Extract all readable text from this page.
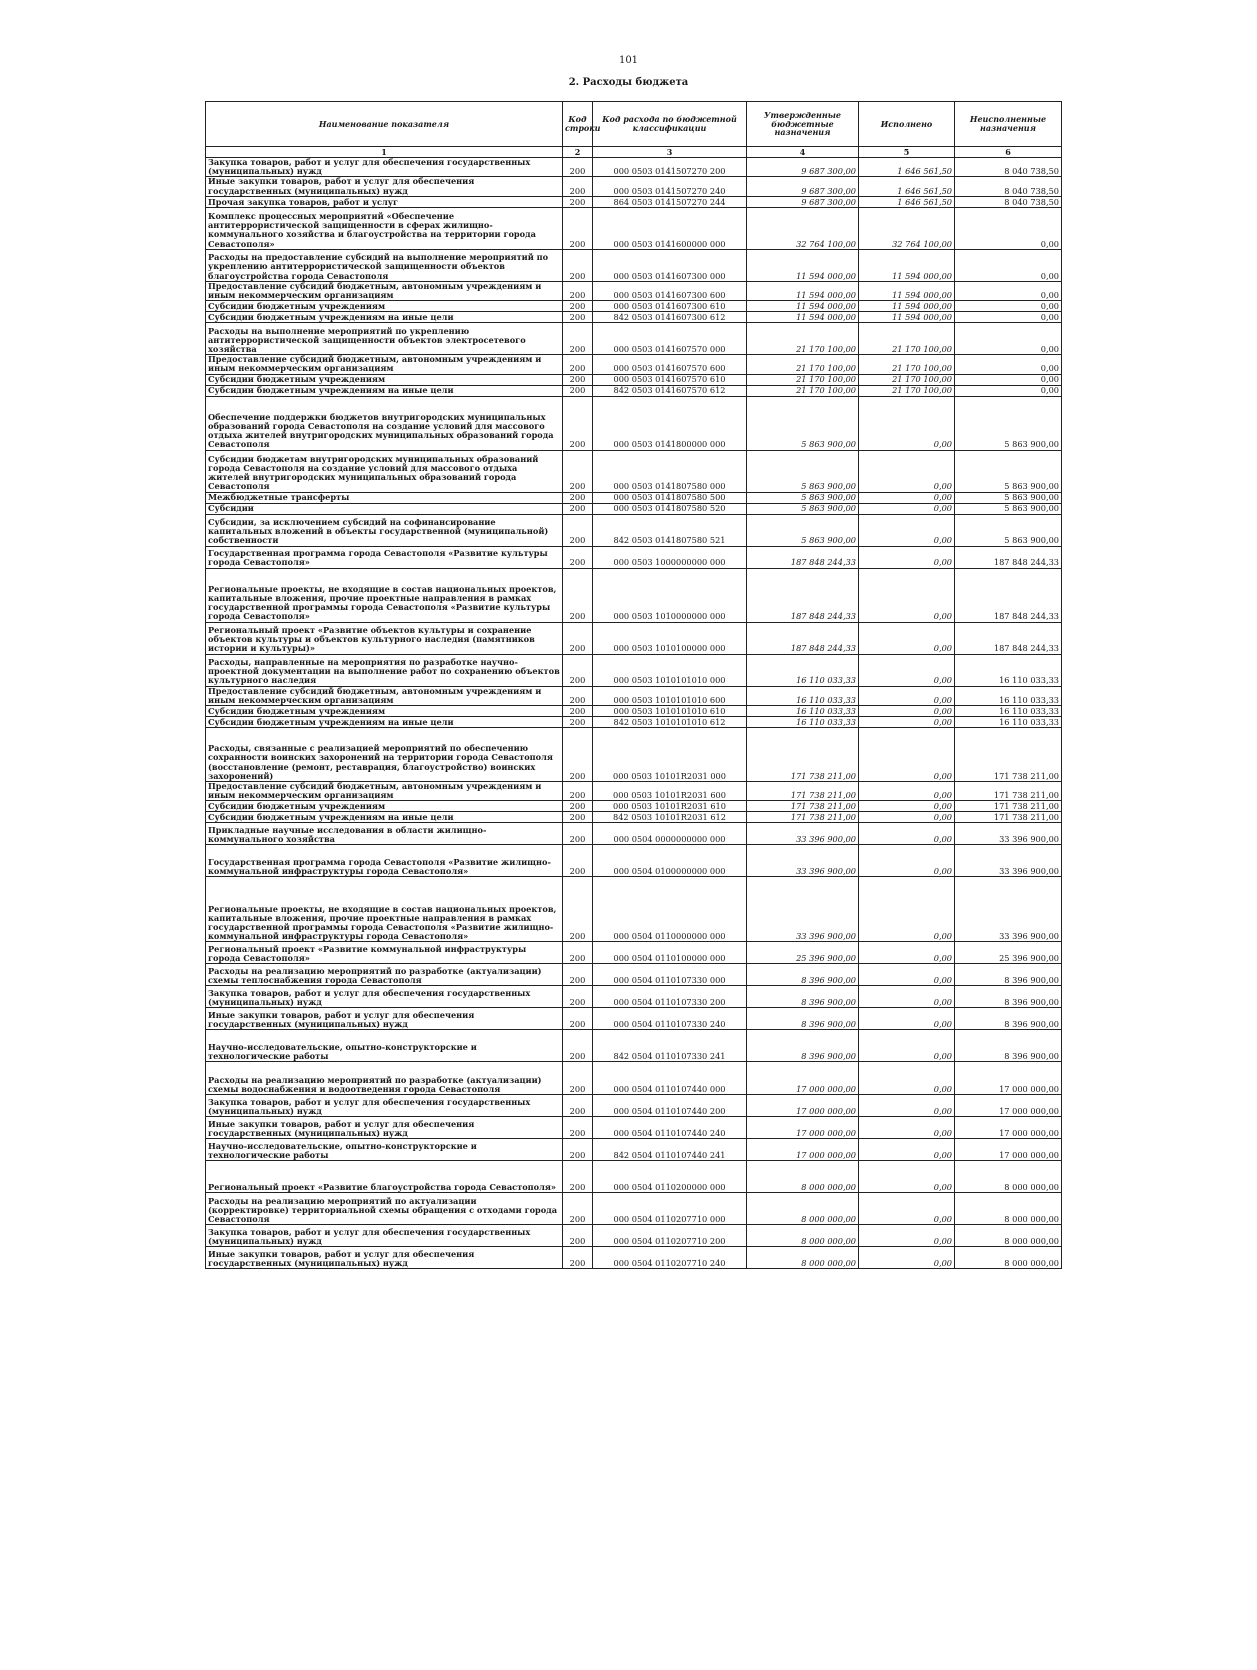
101
2. Расходы бюджета
Наименование показателя	Код строки	Код расхода по бюджетной классификации	Утвержденные бюджетные назначения	Исполнено	Неисполненные назначения
1	2	3	4	5	6
Закупка товаров, работ и услуг для обеспечения государственных (муниципальных) нужд	200	000 0503 0141507270 200	9 687 300,00	1 646 561,50	8 040 738,50
Иные закупки товаров, работ и услуг для обеспечения государственных (муниципальных) нужд	200	000 0503 0141507270 240	9 687 300,00	1 646 561,50	8 040 738,50
Прочая закупка товаров, работ и услуг	200	864 0503 0141507270 244	9 687 300,00	1 646 561,50	8 040 738,50
Комплекс процессных мероприятий «Обеспечение антитеррористической защищенности в сферах жилищно-коммунального хозяйства и благоустройства на территории города Севастополя»	200	000 0503 0141600000 000	32 764 100,00	32 764 100,00	0,00
Расходы на предоставление субсидий на выполнение мероприятий по укреплению антитеррористической защищенности объектов благоустройства города Севастополя	200	000 0503 0141607300 000	11 594 000,00	11 594 000,00	0,00
Предоставление субсидий бюджетным, автономным учреждениям и иным некоммерческим организациям	200	000 0503 0141607300 600	11 594 000,00	11 594 000,00	0,00
Субсидии бюджетным учреждениям	200	000 0503 0141607300 610	11 594 000,00	11 594 000,00	0,00
Субсидии бюджетным учреждениям на иные цели	200	842 0503 0141607300 612	11 594 000,00	11 594 000,00	0,00
Расходы на выполнение мероприятий по укреплению антитеррористической защищенности объектов электросетевого хозяйства	200	000 0503 0141607570 000	21 170 100,00	21 170 100,00	0,00
Предоставление субсидий бюджетным, автономным учреждениям и иным некоммерческим организациям	200	000 0503 0141607570 600	21 170 100,00	21 170 100,00	0,00
Субсидии бюджетным учреждениям	200	000 0503 0141607570 610	21 170 100,00	21 170 100,00	0,00
Субсидии бюджетным учреждениям на иные цели	200	842 0503 0141607570 612	21 170 100,00	21 170 100,00	0,00
Обеспечение поддержки бюджетов внутригородских муниципальных образований города Севастополя на создание условий для массового отдыха жителей внутригородских муниципальных образований города Севастополя	200	000 0503 0141800000 000	5 863 900,00	0,00	5 863 900,00
Субсидии бюджетам внутригородских муниципальных образований города Севастополя на создание условий для массового отдыха жителей внутригородских муниципальных образований города Севастополя	200	000 0503 0141807580 000	5 863 900,00	0,00	5 863 900,00
Межбюджетные трансферты	200	000 0503 0141807580 500	5 863 900,00	0,00	5 863 900,00
Субсидии	200	000 0503 0141807580 520	5 863 900,00	0,00	5 863 900,00
Субсидии, за исключением субсидий на софинансирование капитальных вложений в объекты государственной (муниципальной) собственности	200	842 0503 0141807580 521	5 863 900,00	0,00	5 863 900,00
Государственная программа города Севастополя «Развитие культуры города Севастополя»	200	000 0503 1000000000 000	187 848 244,33	0,00	187 848 244,33
Региональные проекты, не входящие в состав национальных проектов, капитальные вложения, прочие проектные направления в рамках государственной программы города Севастополя «Развитие культуры города Севастополя»	200	000 0503 1010000000 000	187 848 244,33	0,00	187 848 244,33
Региональный проект «Развитие объектов культуры и сохранение объектов культуры и объектов культурного наследия (памятников истории и культуры)»	200	000 0503 1010100000 000	187 848 244,33	0,00	187 848 244,33
Расходы, направленные на мероприятия по разработке научно-проектной документации на выполнение работ по сохранению объектов культурного наследия	200	000 0503 1010101010 000	16 110 033,33	0,00	16 110 033,33
Предоставление субсидий бюджетным, автономным учреждениям и иным некоммерческим организациям	200	000 0503 1010101010 600	16 110 033,33	0,00	16 110 033,33
Субсидии бюджетным учреждениям	200	000 0503 1010101010 610	16 110 033,33	0,00	16 110 033,33
Субсидии бюджетным учреждениям на иные цели	200	842 0503 1010101010 612	16 110 033,33	0,00	16 110 033,33
Расходы, связанные с реализацией мероприятий по обеспечению сохранности воинских захоронений на территории города Севастополя (восстановление (ремонт, реставрация, благоустройство) воинских захоронений)	200	000 0503 10101R2031 000	171 738 211,00	0,00	171 738 211,00
Предоставление субсидий бюджетным, автономным учреждениям и иным некоммерческим организациям	200	000 0503 10101R2031 600	171 738 211,00	0,00	171 738 211,00
Субсидии бюджетным учреждениям	200	000 0503 10101R2031 610	171 738 211,00	0,00	171 738 211,00
Субсидии бюджетным учреждениям на иные цели	200	842 0503 10101R2031 612	171 738 211,00	0,00	171 738 211,00
Прикладные научные исследования в области жилищно-коммунального хозяйства	200	000 0504 0000000000 000	33 396 900,00	0,00	33 396 900,00
Государственная программа города Севастополя «Развитие жилищно-коммунальной инфраструктуры города Севастополя»	200	000 0504 0100000000 000	33 396 900,00	0,00	33 396 900,00
Региональные проекты, не входящие в состав национальных проектов, капитальные вложения, прочие проектные направления в рамках государственной программы города Севастополя «Развитие жилищно-коммунальной инфраструктуры города Севастополя»	200	000 0504 0110000000 000	33 396 900,00	0,00	33 396 900,00
Региональный проект «Развитие коммунальной инфраструктуры города Севастополя»	200	000 0504 0110100000 000	25 396 900,00	0,00	25 396 900,00
Расходы на реализацию мероприятий по разработке (актуализации) схемы теплоснабжения города Севастополя	200	000 0504 0110107330 000	8 396 900,00	0,00	8 396 900,00
Закупка товаров, работ и услуг для обеспечения государственных (муниципальных) нужд	200	000 0504 0110107330 200	8 396 900,00	0,00	8 396 900,00
Иные закупки товаров, работ и услуг для обеспечения государственных (муниципальных) нужд	200	000 0504 0110107330 240	8 396 900,00	0,00	8 396 900,00
Научно-исследовательские, опытно-конструкторские и технологические работы	200	842 0504 0110107330 241	8 396 900,00	0,00	8 396 900,00
Расходы на реализацию мероприятий по разработке (актуализации) схемы водоснабжения и водоотведения города Севастополя	200	000 0504 0110107440 000	17 000 000,00	0,00	17 000 000,00
Закупка товаров, работ и услуг для обеспечения государственных (муниципальных) нужд	200	000 0504 0110107440 200	17 000 000,00	0,00	17 000 000,00
Иные закупки товаров, работ и услуг для обеспечения государственных (муниципальных) нужд	200	000 0504 0110107440 240	17 000 000,00	0,00	17 000 000,00
Научно-исследовательские, опытно-конструкторские и технологические работы	200	842 0504 0110107440 241	17 000 000,00	0,00	17 000 000,00
Региональный проект «Развитие благоустройства города Севастополя»	200	000 0504 0110200000 000	8 000 000,00	0,00	8 000 000,00
Расходы на реализацию мероприятий по актуализации (корректировке) территориальной схемы обращения с отходами города Севастополя	200	000 0504 0110207710 000	8 000 000,00	0,00	8 000 000,00
Закупка товаров, работ и услуг для обеспечения государственных (муниципальных) нужд	200	000 0504 0110207710 200	8 000 000,00	0,00	8 000 000,00
Иные закупки товаров, работ и услуг для обеспечения государственных (муниципальных) нужд	200	000 0504 0110207710 240	8 000 000,00	0,00	8 000 000,00
